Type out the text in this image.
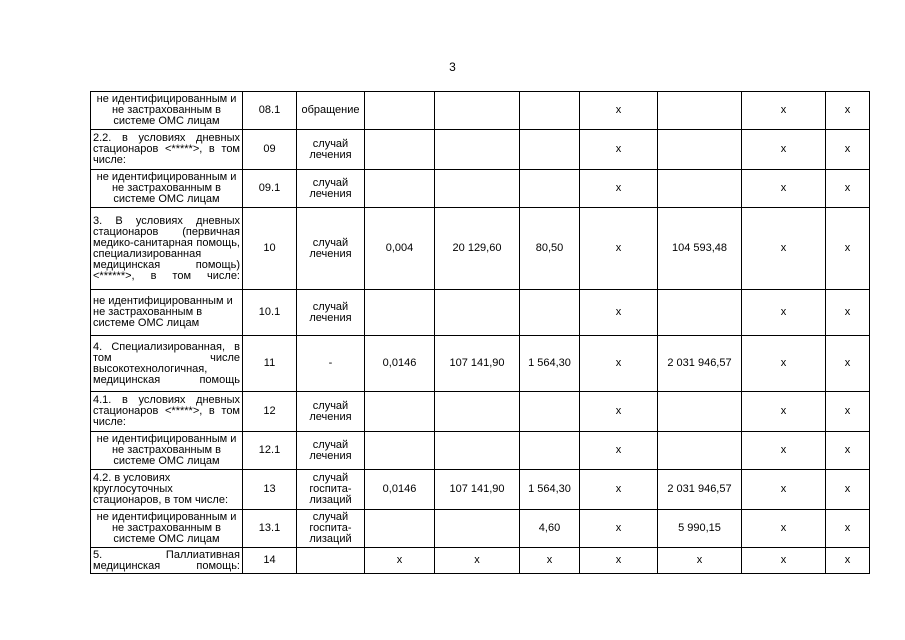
3
не идентифицированным и не застрахованным в системе ОМС лицам	08.1	обращение				х		х	х
2.2. в условиях дневных стационаров <*****>, в том числе:	09	случай лечения				х		х	х
не идентифицированным и не застрахованным в системе ОМС лицам	09.1	случай лечения				х		х	х
3. В условиях дневных стационаров (первичная медико-санитарная помощь, специализированная медицинская помощь) <******>, в том числе:	10	случай лечения	0,004	20 129,60	80,50	х	104 593,48	х	х
не идентифицированным и не застрахованным в системе ОМС лицам	10.1	случай лечения				х		х	х
4. Специализированная, в том числе высокотехнологичная, медицинская помощь	11	-	0,0146	107 141,90	1 564,30	х	2 031 946,57	х	х
4.1. в условиях дневных стационаров <*****>, в том числе:	12	случай лечения				х		х	х
не идентифицированным и не застрахованным в системе ОМС лицам	12.1	случай лечения				х		х	х
4.2. в условиях круглосуточных стационаров, в том числе:	13	случай госпита-лизаций	0,0146	107 141,90	1 564,30	х	2 031 946,57	х	х
не идентифицированным и не застрахованным в системе ОМС лицам	13.1	случай госпита-лизаций			4,60	х	5 990,15	х	х
5. Паллиативная медицинская помощь:	14		х	х	х	х	х	х	х
